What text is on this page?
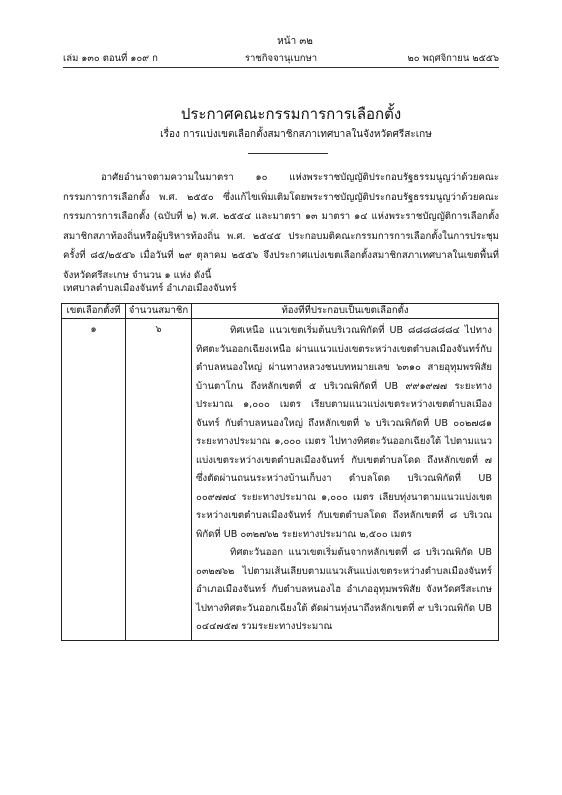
หน้า ๓๒
เล่ม ๑๓๐ ตอนที่ ๑๐๙ ก	ราชกิจจานุเบกษา	๒๐ พฤศจิกายน ๒๕๕๖
ประกาศคณะกรรมการการเลือกตั้ง
เรื่อง การแบ่งเขตเลือกตั้งสมาชิกสภาเทศบาลในจังหวัดศรีสะเกษ

อาศัยอำนาจตามความในมาตรา ๑๐ แห่งพระราชบัญญัติประกอบรัฐธรรมนูญว่าด้วยคณะกรรมการการเลือกตั้ง พ.ศ. ๒๕๕๐ ซึ่งแก้ไขเพิ่มเติมโดยพระราชบัญญัติประกอบรัฐธรรมนูญว่าด้วยคณะกรรมการการเลือกตั้ง (ฉบับที่ ๒) พ.ศ. ๒๕๕๔ และมาตรา ๑๓ มาตรา ๑๔ แห่งพระราชบัญญัติการเลือกตั้งสมาชิกสภาท้องถิ่นหรือผู้บริหารท้องถิ่น พ.ศ. ๒๕๔๕ ประกอบมติคณะกรรมการการเลือกตั้งในการประชุมครั้งที่ ๘๕/๒๕๕๖ เมื่อวันที่ ๒๙ ตุลาคม ๒๕๕๖ จึงประกาศแบ่งเขตเลือกตั้งสมาชิกสภาเทศบาลในเขตพื้นที่จังหวัดศรีสะเกษ จำนวน ๑ แห่ง ดังนี้

เทศบาลตำบลเมืองจันทร์ อำเภอเมืองจันทร์
เขตเลือกตั้งที่	จำนวนสมาชิก	ท้องที่ที่ประกอบเป็นเขตเลือกตั้ง
๑	๖	ทิศเหนือ แนวเขตเริ่มต้นบริเวณพิกัดที่ UB ๘๘๘๘๘๘๔ ไปทางทิศตะวันออกเฉียงเหนือ ผ่านแนวแบ่งเขตระหว่างเขตตำบลเมืองจันทร์กับตำบลหนองใหญ่ ผ่านทางหลวงชนบทหมายเลข ๖๓๑๐ สายอุทุมพรพิสัย บ้านตาโกน ถึงหลักเขตที่ ๕ บริเวณพิกัดที่ UB ๙๙๑๙๗๗ ระยะทางประมาณ ๑,๐๐๐ เมตร เรียบตามแนวแบ่งเขตระหว่างเขตตำบลเมืองจันทร์ กับตำบลหนองใหญ่ ถึงหลักเขตที่ ๖ บริเวณพิกัดที่ UB ๐๐๒๗๘๑ ระยะทางประมาณ ๑,๐๐๐ เมตร ไปทางทิศตะวันออกเฉียงใต้ ไปตามแนวแบ่งเขตระหว่างเขตตำบลเมืองจันทร์ กับเขตตำบลโดด ถึงหลักเขตที่ ๗ ซึ่งตัดผ่านถนนระหว่างบ้านเก็บงา ตำบลโดด บริเวณพิกัดที่ UB ๐๐๙๗๗๔ ระยะทางประมาณ ๑,๐๐๐ เมตร เลียบทุ่งนาตามแนวแบ่งเขตระหว่างเขตตำบลเมืองจันทร์ กับเขตตำบลโดด ถึงหลักเขตที่ ๘ บริเวณพิกัดที่ UB ๐๓๒๗๖๒ ระยะทางประมาณ ๒,๕๐๐ เมตร

ทิศตะวันออก แนวเขตเริ่มต้นจากหลักเขตที่ ๘ บริเวณพิกัด UB ๐๓๒๗๖๒ ไปตามเส้นเลียบตามแนวเส้นแบ่งเขตระหว่างตำบลเมืองจันทร์ อำเภอเมืองจันทร์ กับตำบลหนองไฮ อำเภออุทุมพรพิสัย จังหวัดศรีสะเกษ ไปทางทิศตะวันออกเฉียงใต้ ตัดผ่านทุ่งนาถึงหลักเขตที่ ๙ บริเวณพิกัด UB ๐๔๔๗๕๗ รวมระยะทางประมาณ
